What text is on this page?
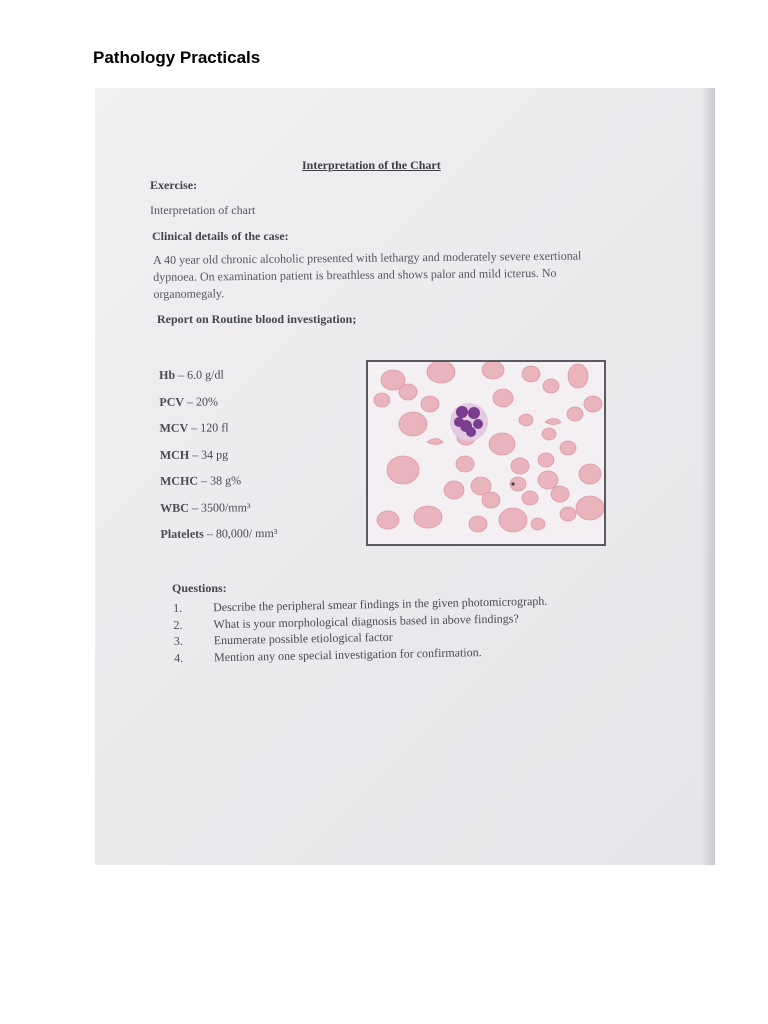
Pathology Practicals
Interpretation of the Chart
Exercise:
Interpretation of chart
Clinical details of the case:
A 40 year old chronic alcoholic presented with lethargy and moderately severe exertional dypnoea. On examination patient is breathless and shows palor and mild icterus. No organomegaly.
Report on Routine blood investigation;
Hb – 6.0 g/dl
PCV – 20%
MCV – 120 fl
MCH – 34 pg
MCHC – 38 g%
WBC – 3500/mm³
Platelets – 80,000/ mm³
Questions:
1.	Describe the peripheral smear findings in the given photomicrograph.
2.	What is your morphological diagnosis based in above findings?
3.	Enumerate possible etiological factor
4.	Mention any one special investigation for confirmation.
